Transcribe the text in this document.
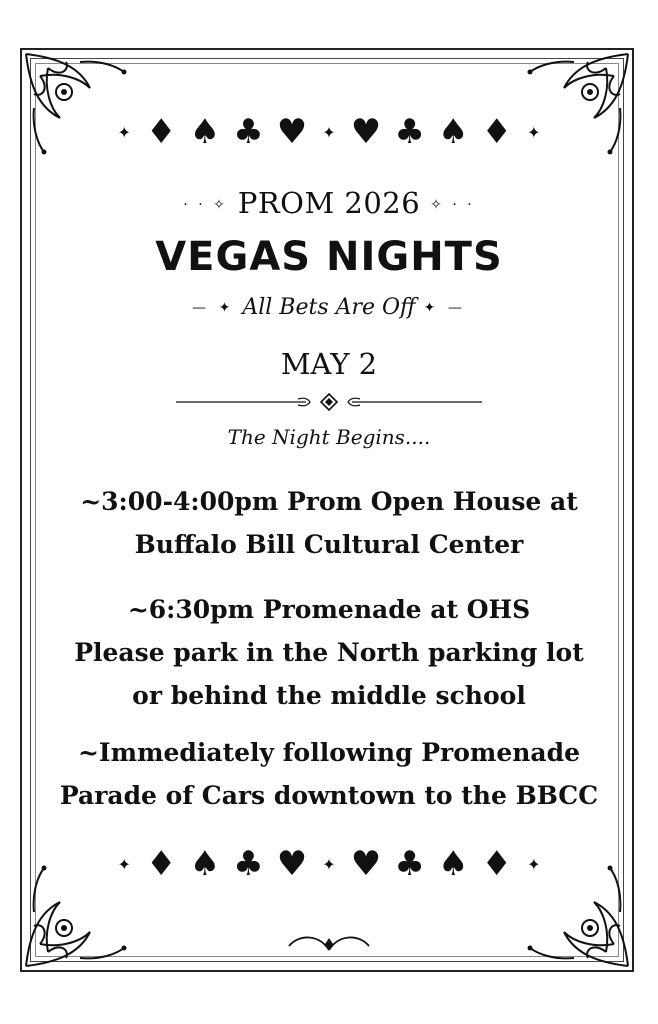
✦ ♦ ♠ ♣ ♥ ✦ ♥ ♣ ♠ ♦ ✦
· · ✧ PROM 2026 ✧ · ·
VEGAS NIGHTS
— ✦ All Bets Are Off ✦ —
MAY 2
The Night Begins....
~3:00-4:00pm Prom Open House at
Buffalo Bill Cultural Center
~6:30pm Promenade at OHS
Please park in the North parking lot
or behind the middle school
~Immediately following Promenade
Parade of Cars downtown to the BBCC
✦ ♦ ♠ ♣ ♥ ✦ ♥ ♣ ♠ ♦ ✦
